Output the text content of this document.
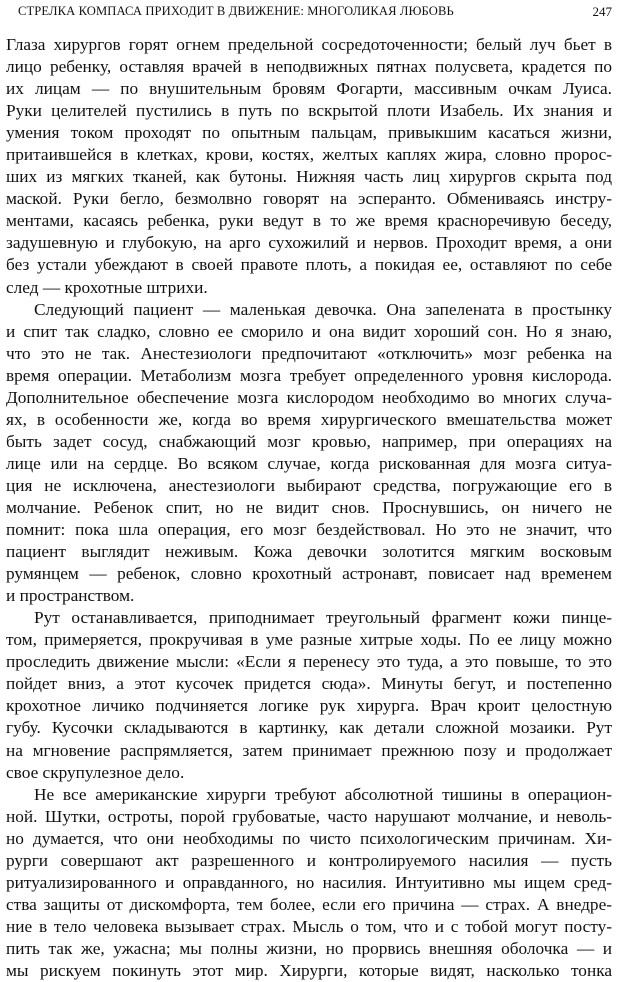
СТРЕЛКА КОМПАСА ПРИХОДИТ В ДВИЖЕНИЕ: МНОГОЛИКАЯ ЛЮБОВЬ	247
Глаза хирургов горят огнем предельной сосредоточенности; белый луч бьет в
лицо ребенку, оставляя врачей в неподвижных пятнах полусвета, крадется по
их лицам — по внушительным бровям Фогарти, массивным очкам Луиса.
Руки целителей пустились в путь по вскрытой плоти Изабель. Их знания и
умения током проходят по опытным пальцам, привыкшим касаться жизни,
притаившейся в клетках, крови, костях, желтых каплях жира, словно пророс-
ших из мягких тканей, как бутоны. Нижняя часть лиц хирургов скрыта под
маской. Руки бегло, безмолвно говорят на эсперанто. Обмениваясь инстру-
ментами, касаясь ребенка, руки ведут в то же время красноречивую беседу,
задушевную и глубокую, на арго сухожилий и нервов. Проходит время, а они
без устали убеждают в своей правоте плоть, а покидая ее, оставляют по себе
след — крохотные штрихи.
Следующий пациент — маленькая девочка. Она запелената в простынку
и спит так сладко, словно ее сморило и она видит хороший сон. Но я знаю,
что это не так. Анестезиологи предпочитают «отключить» мозг ребенка на
время операции. Метаболизм мозга требует определенного уровня кислорода.
Дополнительное обеспечение мозга кислородом необходимо во многих случа-
ях, в особенности же, когда во время хирургического вмешательства может
быть задет сосуд, снабжающий мозг кровью, например, при операциях на
лице или на сердце. Во всяком случае, когда рискованная для мозга ситуа-
ция не исключена, анестезиологи выбирают средства, погружающие его в
молчание. Ребенок спит, но не видит снов. Проснувшись, он ничего не
помнит: пока шла операция, его мозг бездействовал. Но это не значит, что
пациент выглядит неживым. Кожа девочки золотится мягким восковым
румянцем — ребенок, словно крохотный астронавт, повисает над временем
и пространством.
Рут останавливается, приподнимает треугольный фрагмент кожи пинце-
том, примеряется, прокручивая в уме разные хитрые ходы. По ее лицу можно
проследить движение мысли: «Если я перенесу это туда, а это повыше, то это
пойдет вниз, а этот кусочек придется сюда». Минуты бегут, и постепенно
крохотное личико подчиняется логике рук хирурга. Врач кроит целостную
губу. Кусочки складываются в картинку, как детали сложной мозаики. Рут
на мгновение распрямляется, затем принимает прежнюю позу и продолжает
свое скрупулезное дело.
Не все американские хирурги требуют абсолютной тишины в операцион-
ной. Шутки, остроты, порой грубоватые, часто нарушают молчание, и неволь-
но думается, что они необходимы по чисто психологическим причинам. Хи-
рурги совершают акт разрешенного и контролируемого насилия — пусть
ритуализированного и оправданного, но насилия. Интуитивно мы ищем сред-
ства защиты от дискомфорта, тем более, если его причина — страх. А внедре-
ние в тело человека вызывает страх. Мысль о том, что и с тобой могут посту-
пить так же, ужасна; мы полны жизни, но прорвись внешняя оболочка — и
мы рискуем покинуть этот мир. Хирурги, которые видят, насколько тонка
